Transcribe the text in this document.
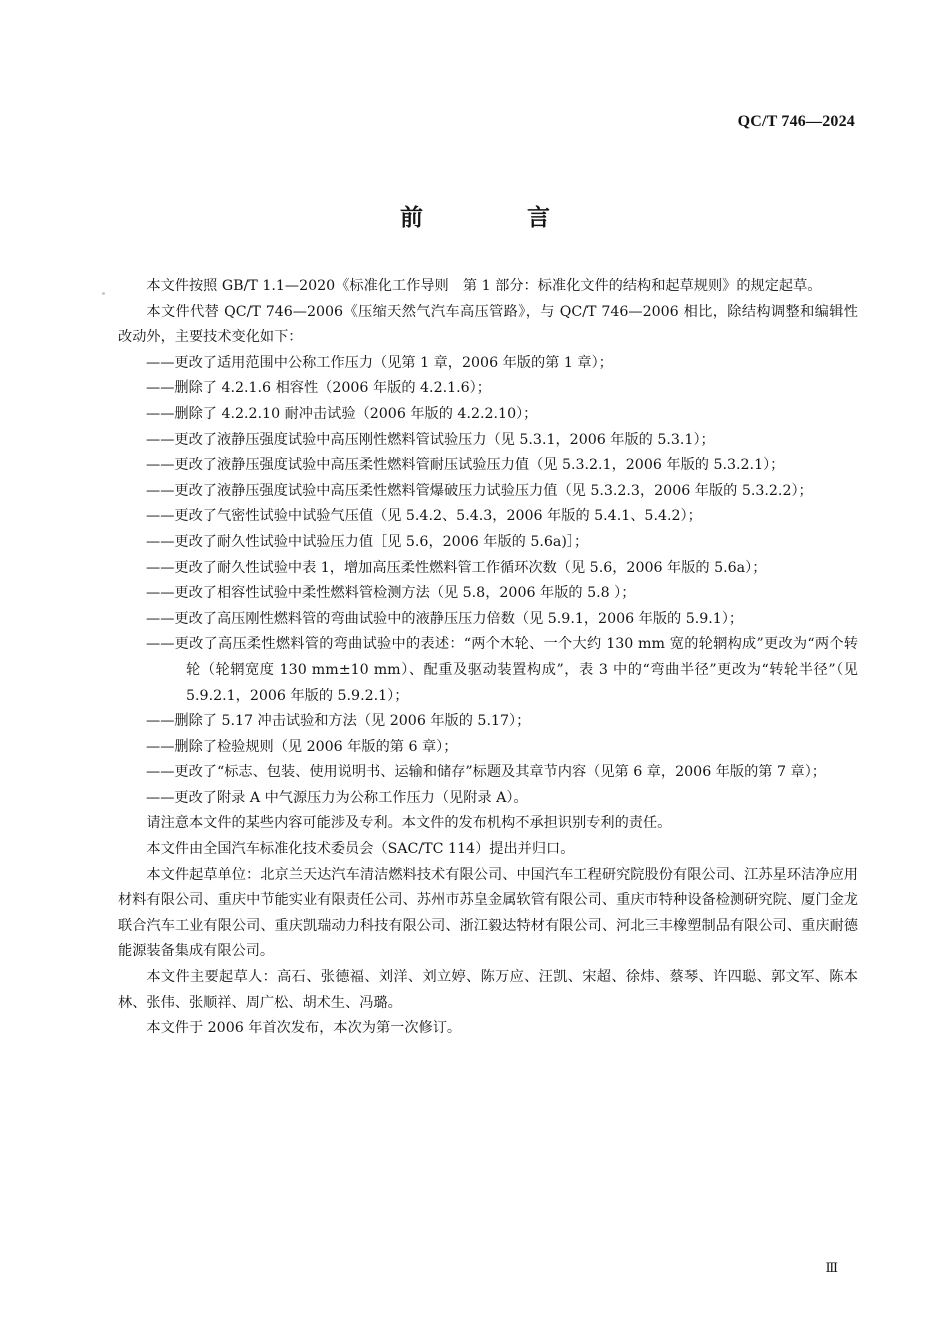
QC/T 746—2024
前 言

本文件按照 GB/T 1.1—2020《标准化工作导则　第 1 部分：标准化文件的结构和起草规则》的规定起草。

本文件代替 QC/T 746—2006《压缩天然气汽车高压管路》，与 QC/T 746—2006 相比，除结构调整和编辑性改动外，主要技术变化如下：

——更改了适用范围中公称工作压力（见第 1 章，2006 年版的第 1 章）；

——删除了 4.2.1.6 相容性（2006 年版的 4.2.1.6）；

——删除了 4.2.2.10 耐冲击试验（2006 年版的 4.2.2.10）；

——更改了液静压强度试验中高压刚性燃料管试验压力（见 5.3.1，2006 年版的 5.3.1）；

——更改了液静压强度试验中高压柔性燃料管耐压试验压力值（见 5.3.2.1，2006 年版的 5.3.2.1）；

——更改了液静压强度试验中高压柔性燃料管爆破压力试验压力值（见 5.3.2.3，2006 年版的 5.3.2.2）；

——更改了气密性试验中试验气压值（见 5.4.2、5.4.3，2006 年版的 5.4.1、5.4.2）；

——更改了耐久性试验中试验压力值［见 5.6，2006 年版的 5.6a)］；

——更改了耐久性试验中表 1，增加高压柔性燃料管工作循环次数（见 5.6，2006 年版的 5.6a）；

——更改了相容性试验中柔性燃料管检测方法（见 5.8，2006 年版的 5.8 ）；

——更改了高压刚性燃料管的弯曲试验中的液静压压力倍数（见 5.9.1，2006 年版的 5.9.1）；

——更改了高压柔性燃料管的弯曲试验中的表述：“两个木轮、一个大约 130 mm 宽的轮辋构成”更改为“两个转轮（轮辋宽度 130 mm±10 mm）、配重及驱动装置构成”，表 3 中的“弯曲半径”更改为“转轮半径”（见 5.9.2.1，2006 年版的 5.9.2.1）；

——删除了 5.17 冲击试验和方法（见 2006 年版的 5.17）；

——删除了检验规则（见 2006 年版的第 6 章）；

——更改了“标志、包装、使用说明书、运输和储存”标题及其章节内容（见第 6 章，2006 年版的第 7 章）；

——更改了附录 A 中气源压力为公称工作压力（见附录 A）。

请注意本文件的某些内容可能涉及专利。本文件的发布机构不承担识别专利的责任。

本文件由全国汽车标准化技术委员会（SAC/TC 114）提出并归口。

本文件起草单位：北京兰天达汽车清洁燃料技术有限公司、中国汽车工程研究院股份有限公司、江苏星环洁净应用材料有限公司、重庆中节能实业有限责任公司、苏州市苏皇金属软管有限公司、重庆市特种设备检测研究院、厦门金龙联合汽车工业有限公司、重庆凯瑞动力科技有限公司、浙江毅达特材有限公司、河北三丰橡塑制品有限公司、重庆耐德能源装备集成有限公司。

本文件主要起草人：高石、张德福、刘洋、刘立婷、陈万应、汪凯、宋超、徐炜、蔡琴、许四聪、郭文军、陈本林、张伟、张顺祥、周广松、胡术生、冯璐。

本文件于 2006 年首次发布，本次为第一次修订。

Ⅲ
